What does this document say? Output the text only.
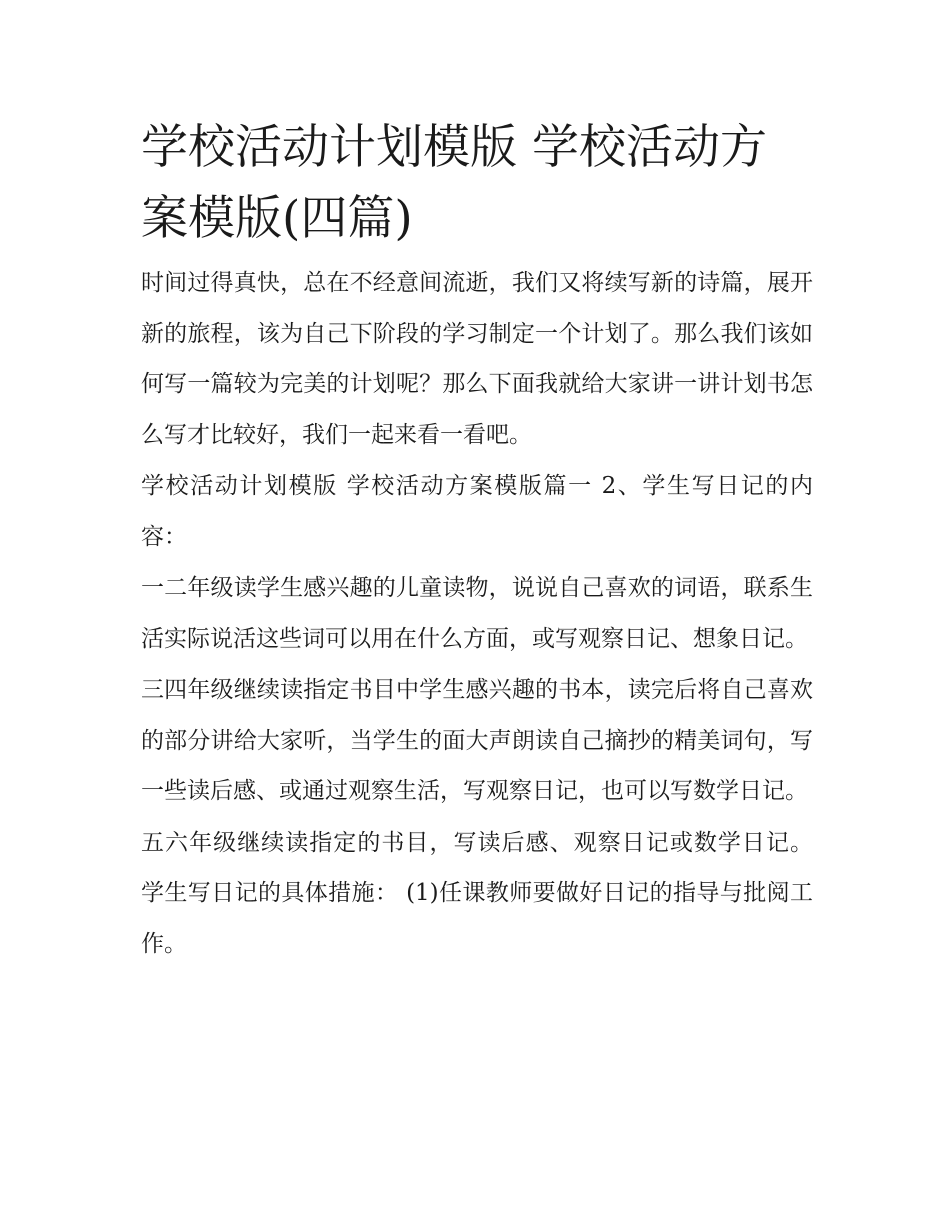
学校活动计划模版 学校活动方案模版(四篇)

时间过得真快，总在不经意间流逝，我们又将续写新的诗篇，展开新的旅程，该为自己下阶段的学习制定一个计划了。那么我们该如何写一篇较为完美的计划呢？那么下面我就给大家讲一讲计划书怎么写才比较好，我们一起来看一看吧。

学校活动计划模版 学校活动方案模版篇一 2、学生写日记的内容：

一二年级读学生感兴趣的儿童读物，说说自己喜欢的词语，联系生活实际说活这些词可以用在什么方面，或写观察日记、想象日记。

三四年级继续读指定书目中学生感兴趣的书本，读完后将自己喜欢的部分讲给大家听，当学生的面大声朗读自己摘抄的精美词句，写一些读后感、或通过观察生活，写观察日记，也可以写数学日记。

五六年级继续读指定的书目，写读后感、观察日记或数学日记。 学生写日记的具体措施： (1)任课教师要做好日记的指导与批阅工作。
